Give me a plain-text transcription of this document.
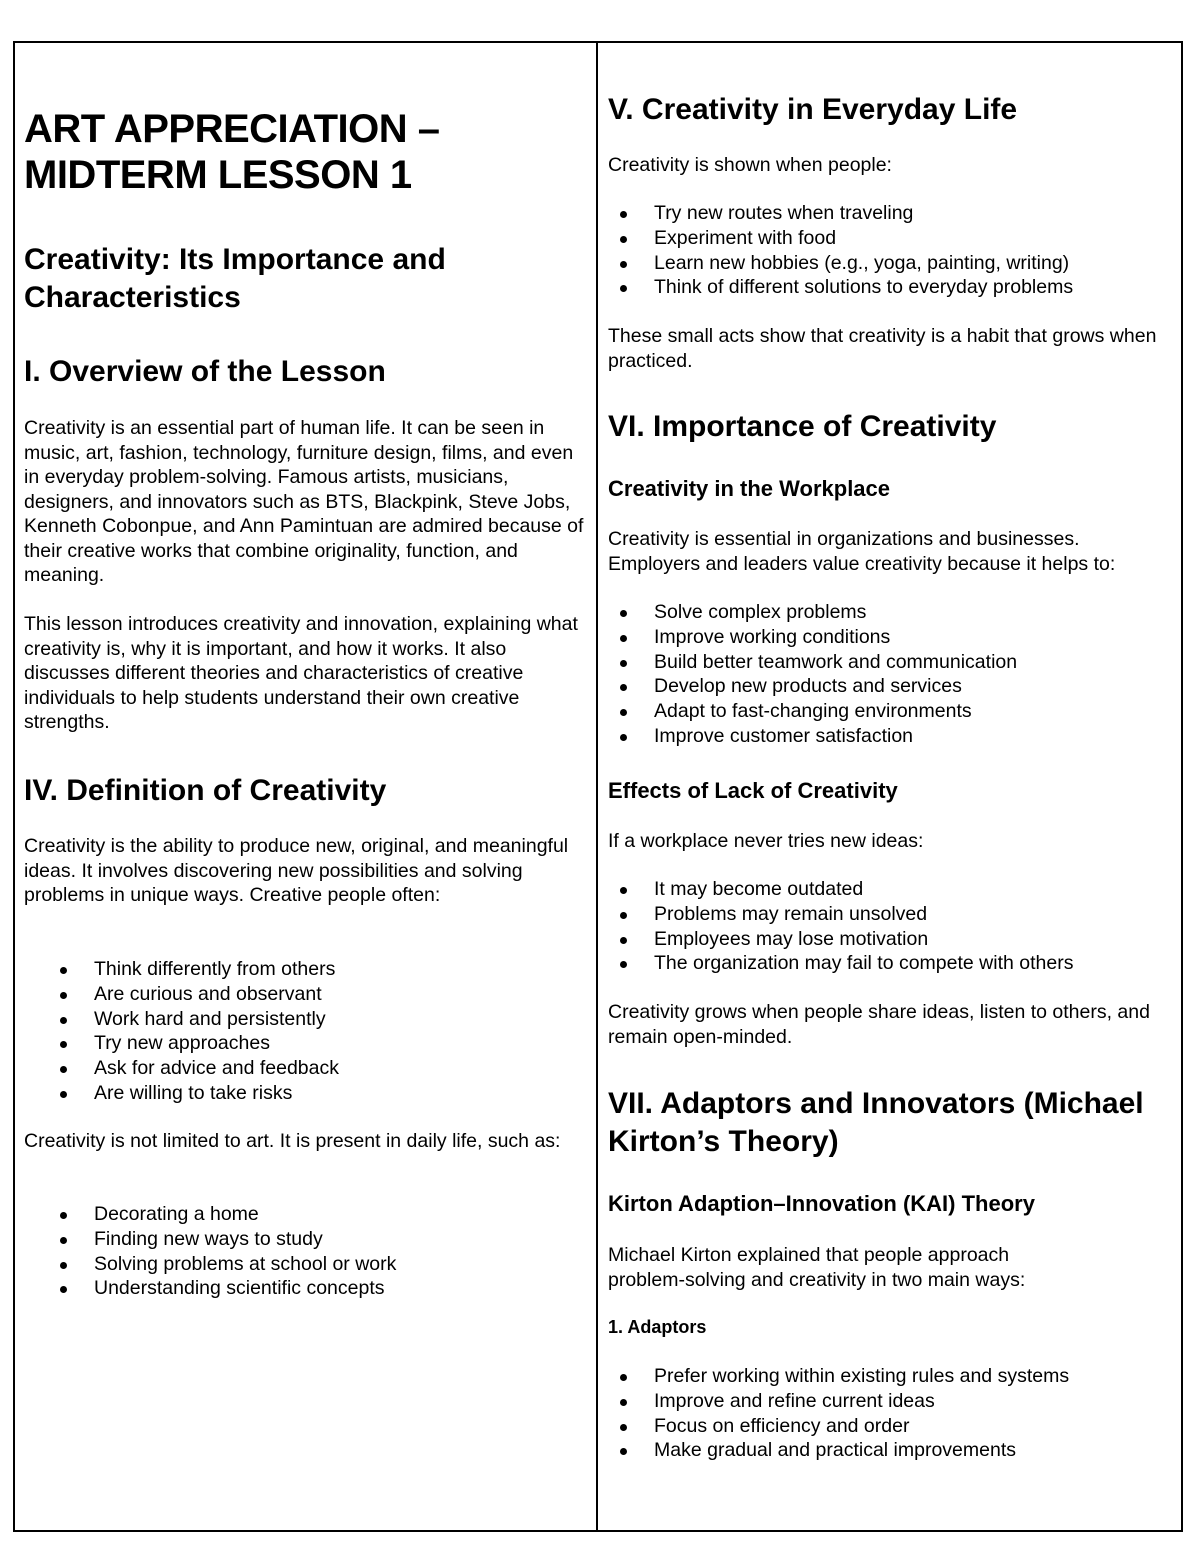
ART APPRECIATION – MIDTERM LESSON 1
Creativity: Its Importance and Characteristics
I. Overview of the Lesson

Creativity is an essential part of human life. It can be seen in music, art, fashion, technology, furniture design, films, and even in everyday problem-solving. Famous artists, musicians, designers, and innovators such as BTS, Blackpink, Steve Jobs, Kenneth Cobonpue, and Ann Pamintuan are admired because of their creative works that combine originality, function, and meaning.

This lesson introduces creativity and innovation, explaining what creativity is, why it is important, and how it works. It also discusses different theories and characteristics of creative individuals to help students understand their own creative strengths.

IV. Definition of Creativity

Creativity is the ability to produce new, original, and meaningful ideas. It involves discovering new possibilities and solving problems in unique ways. Creative people often:

Think differently from others
Are curious and observant
Work hard and persistently
Try new approaches
Ask for advice and feedback
Are willing to take risks

Creativity is not limited to art. It is present in daily life, such as:

Decorating a home
Finding new ways to study
Solving problems at school or work
Understanding scientific concepts
V. Creativity in Everyday Life

Creativity is shown when people:

Try new routes when traveling
Experiment with food
Learn new hobbies (e.g., yoga, painting, writing)
Think of different solutions to everyday problems

These small acts show that creativity is a habit that grows when practiced.

VI. Importance of Creativity
Creativity in the Workplace

Creativity is essential in organizations and businesses. Employers and leaders value creativity because it helps to:

Solve complex problems
Improve working conditions
Build better teamwork and communication
Develop new products and services
Adapt to fast-changing environments
Improve customer satisfaction
Effects of Lack of Creativity

If a workplace never tries new ideas:

It may become outdated
Problems may remain unsolved
Employees may lose motivation
The organization may fail to compete with others

Creativity grows when people share ideas, listen to others, and remain open-minded.

VII. Adaptors and Innovators (Michael Kirton’s Theory)
Kirton Adaption–Innovation (KAI) Theory

Michael Kirton explained that people approach problem-solving and creativity in two main ways:

1. Adaptors
Prefer working within existing rules and systems
Improve and refine current ideas
Focus on efficiency and order
Make gradual and practical improvements
